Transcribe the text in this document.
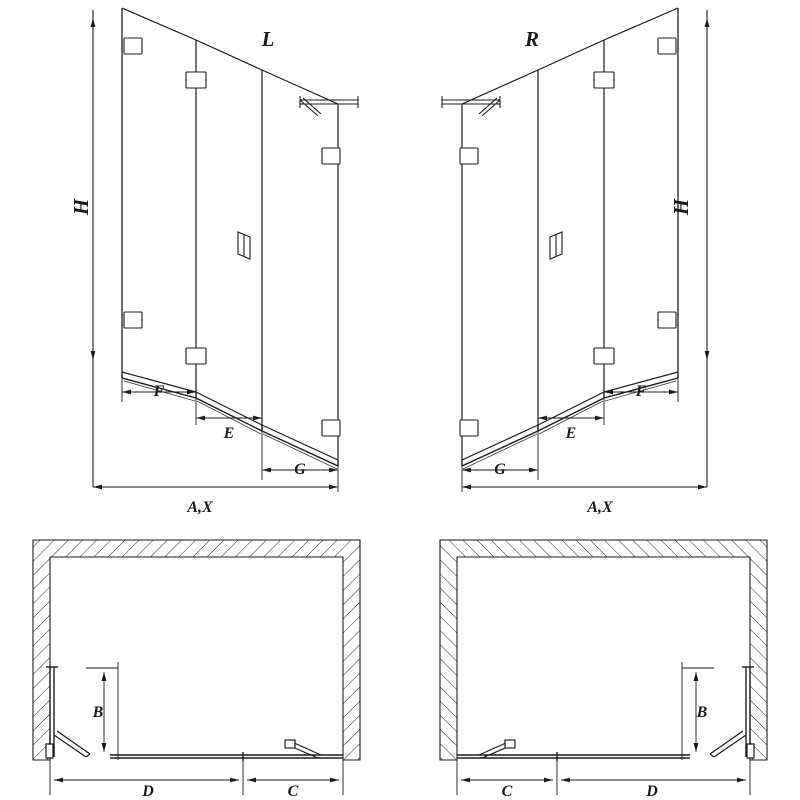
H
F
E
G
A,X
L
H
F
E
G
A,X
R
B
D	C
B
D
C
